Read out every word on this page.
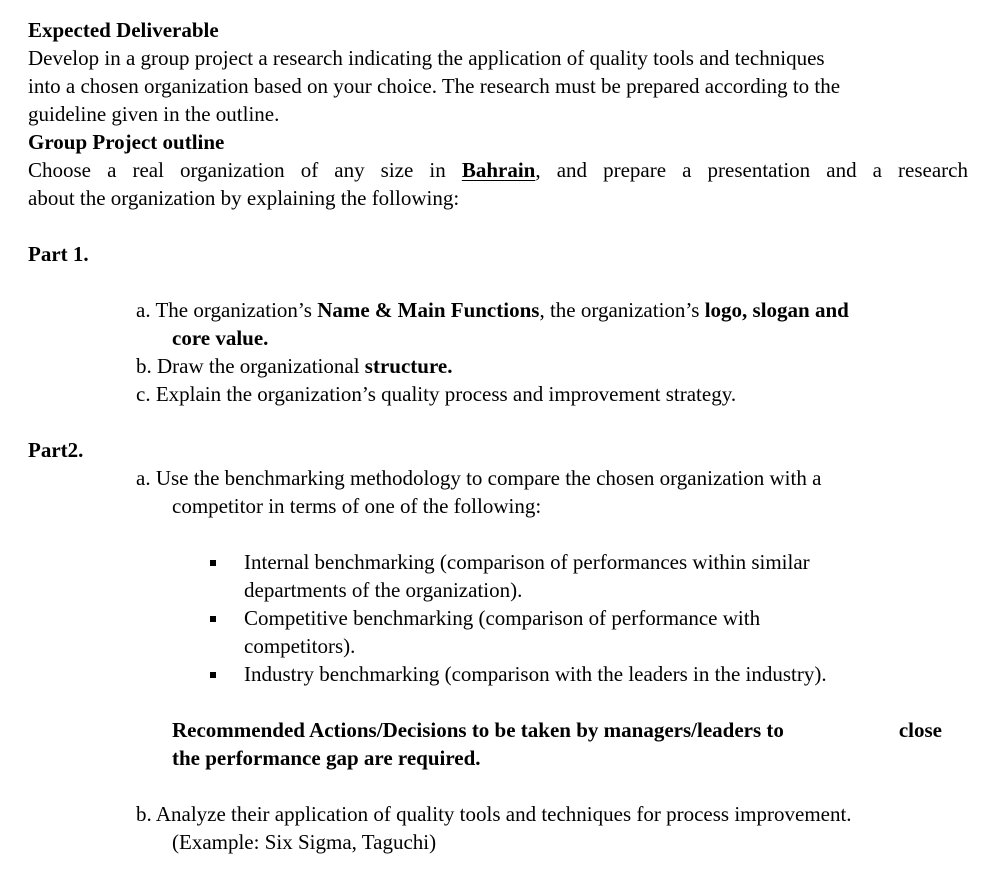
Expected Deliverable
Develop in a group project a research indicating the application of quality tools and techniques
into a chosen organization based on your choice. The research must be prepared according to the
guideline given in the outline.
Group Project outline
Choose a real organization of any size in Bahrain, and prepare a presentation and a research
about the organization by explaining the following:
Part 1.
a. The organization’s Name & Main Functions, the organization’s logo, slogan and
core value.
b. Draw the organizational structure.
c. Explain the organization’s quality process and improvement strategy.
Part2.
a. Use the benchmarking methodology to compare the chosen organization with a
competitor in terms of one of the following:
Internal benchmarking (comparison of performances within similar
departments of the organization).
Competitive benchmarking (comparison of performance with
competitors).
Industry benchmarking (comparison with the leaders in the industry).
Recommended Actions/Decisions to be taken by managers/leaders to	close
the performance gap are required.
b. Analyze their application of quality tools and techniques for process improvement.
(Example: Six Sigma, Taguchi)
